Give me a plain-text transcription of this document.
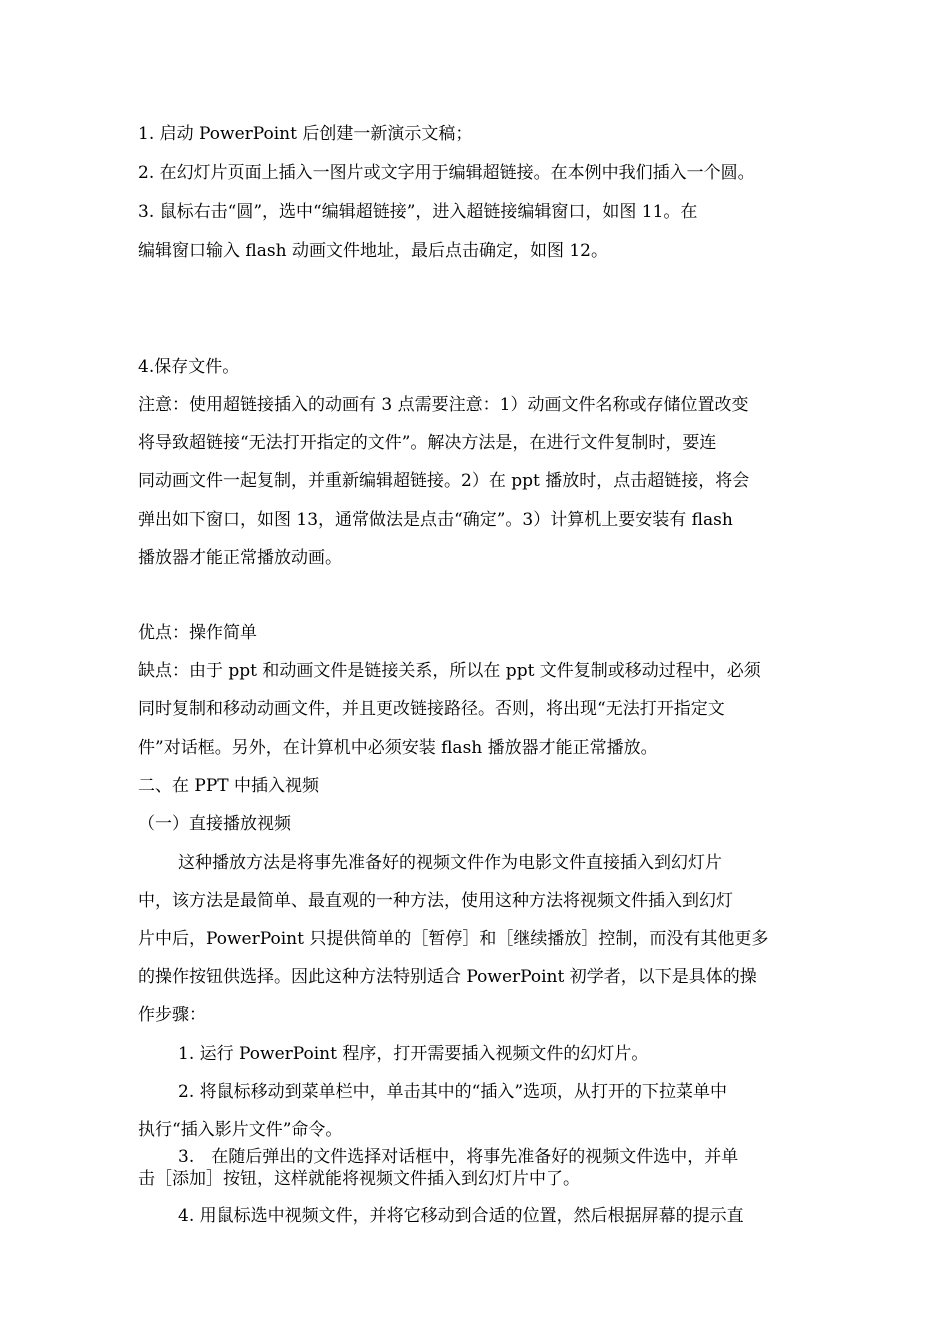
1. 启动 PowerPoint 后创建一新演示文稿；

2. 在幻灯片页面上插入一图片或文字用于编辑超链接。在本例中我们插入一个圆。

3. 鼠标右击“圆”，选中“编辑超链接”，进入超链接编辑窗口，如图 11。在

编辑窗口输入 flash 动画文件地址，最后点击确定，如图 12。

4.保存文件。

注意：使用超链接插入的动画有 3 点需要注意：1）动画文件名称或存储位置改变

将导致超链接“无法打开指定的文件”。解决方法是，在进行文件复制时，要连

同动画文件一起复制，并重新编辑超链接。2）在 ppt 播放时，点击超链接，将会

弹出如下窗口，如图 13，通常做法是点击“确定”。3）计算机上要安装有 flash

播放器才能正常播放动画。

优点：操作简单

缺点：由于 ppt 和动画文件是链接关系，所以在 ppt 文件复制或移动过程中，必须

同时复制和移动动画文件，并且更改链接路径。否则，将出现“无法打开指定文

件”对话框。另外，在计算机中必须安装 flash 播放器才能正常播放。

二、在 PPT 中插入视频

（一）直接播放视频

这种播放方法是将事先准备好的视频文件作为电影文件直接插入到幻灯片

中，该方法是最简单、最直观的一种方法，使用这种方法将视频文件插入到幻灯

片中后，PowerPoint 只提供简单的［暂停］和［继续播放］控制，而没有其他更多

的操作按钮供选择。因此这种方法特别适合 PowerPoint 初学者，以下是具体的操

作步骤：

1. 运行 PowerPoint 程序，打开需要插入视频文件的幻灯片。

2. 将鼠标移动到菜单栏中，单击其中的“插入”选项，从打开的下拉菜单中

执行“插入影片文件”命令。

3.　在随后弹出的文件选择对话框中，将事先准备好的视频文件选中，并单

击［添加］按钮，这样就能将视频文件插入到幻灯片中了。

4. 用鼠标选中视频文件，并将它移动到合适的位置，然后根据屏幕的提示直
